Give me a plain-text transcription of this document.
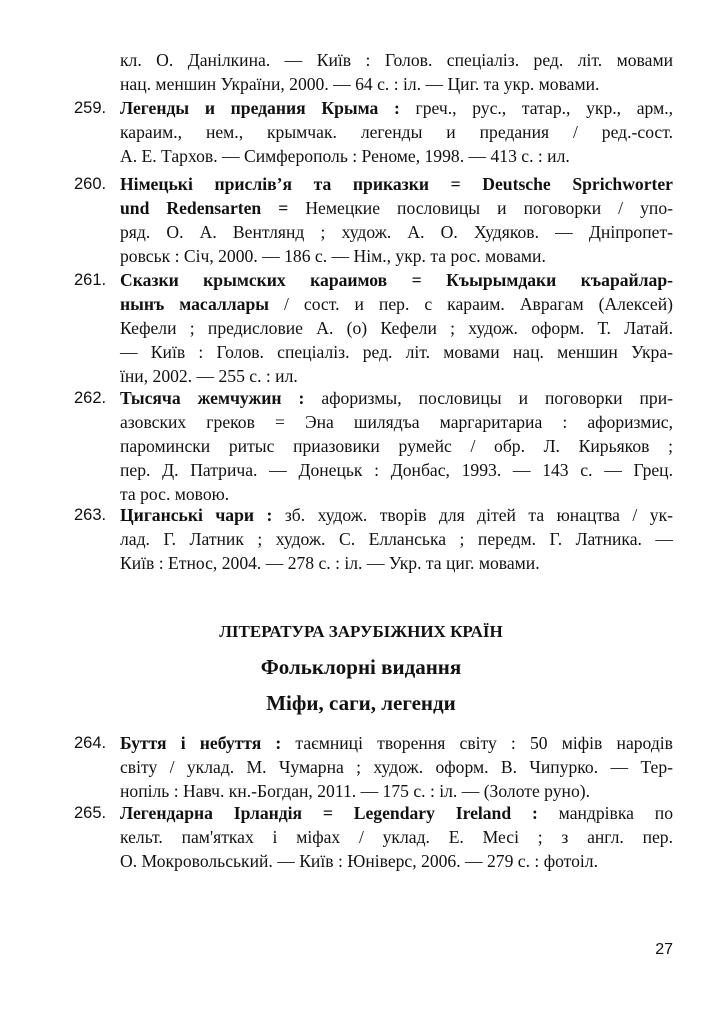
кл. О. Данілкина. — Київ : Голов. спеціаліз. ред. літ. мовами
нац. меншин України, 2000. — 64 с. : іл. — Циг. та укр. мовами.
259. Легенды и предания Крыма : греч., рус., татар., укр., арм.,
караим., нем., крымчак. легенды и предания / ред.-сост.
А. Е. Тархов. — Симферополь : Реноме, 1998. — 413 с. : ил.
260. Німецькі прислів’я та приказки = Deutsche Sprichworter
und Redensarten = Немецкие пословицы и поговорки / упо-
ряд. О. А. Вентлянд ; худож. А. О. Худяков. — Дніпропет-
ровськ : Січ, 2000. — 186 с. — Нім., укр. та рос. мовами.
261. Сказки крымских караимов = Къырымдаки къарайлар-
нынъ масаллары / сост. и пер. с караим. Аврагам (Алексей)
Кефели ; предисловие А. (о) Кефели ; худож. оформ. Т. Латай.
— Київ : Голов. спеціаліз. ред. літ. мовами нац. меншин Укра-
їни, 2002. — 255 с. : ил.
262. Тысяча жемчужин : афоризмы, пословицы и поговорки при-
азовских греков = Эна шилядъа маргаритариа : афоризмис,
паромински ритыс приазовики румейс / обр. Л. Кирьяков ;
пер. Д. Патрича. — Донецьк : Донбас, 1993. — 143 с. — Грец.
та рос. мовою.
263. Циганські чари : зб. худож. творів для дітей та юнацтва / ук-
лад. Г. Латник ; худож. С. Елланська ; передм. Г. Латника. —
Київ : Етнос, 2004. — 278 с. : іл. — Укр. та циг. мовами.
ЛІТЕРАТУРА ЗАРУБІЖНИХ КРАЇН
Фольклорні видання
Міфи, саги, легенди
264. Буття і небуття : таємниці творення світу : 50 міфів народів
світу / уклад. М. Чумарна ; худож. оформ. В. Чипурко. — Тер-
нопіль : Навч. кн.-Богдан, 2011. — 175 с. : іл. — (Золоте руно).
265. Легендарна Ірландія = Legendary Ireland : мандрівка по
кельт. пам'ятках і міфах / уклад. Е. Месі ; з англ. пер.
О. Мокровольський. — Київ : Юніверс, 2006. — 279 с. : фотоіл.
27
